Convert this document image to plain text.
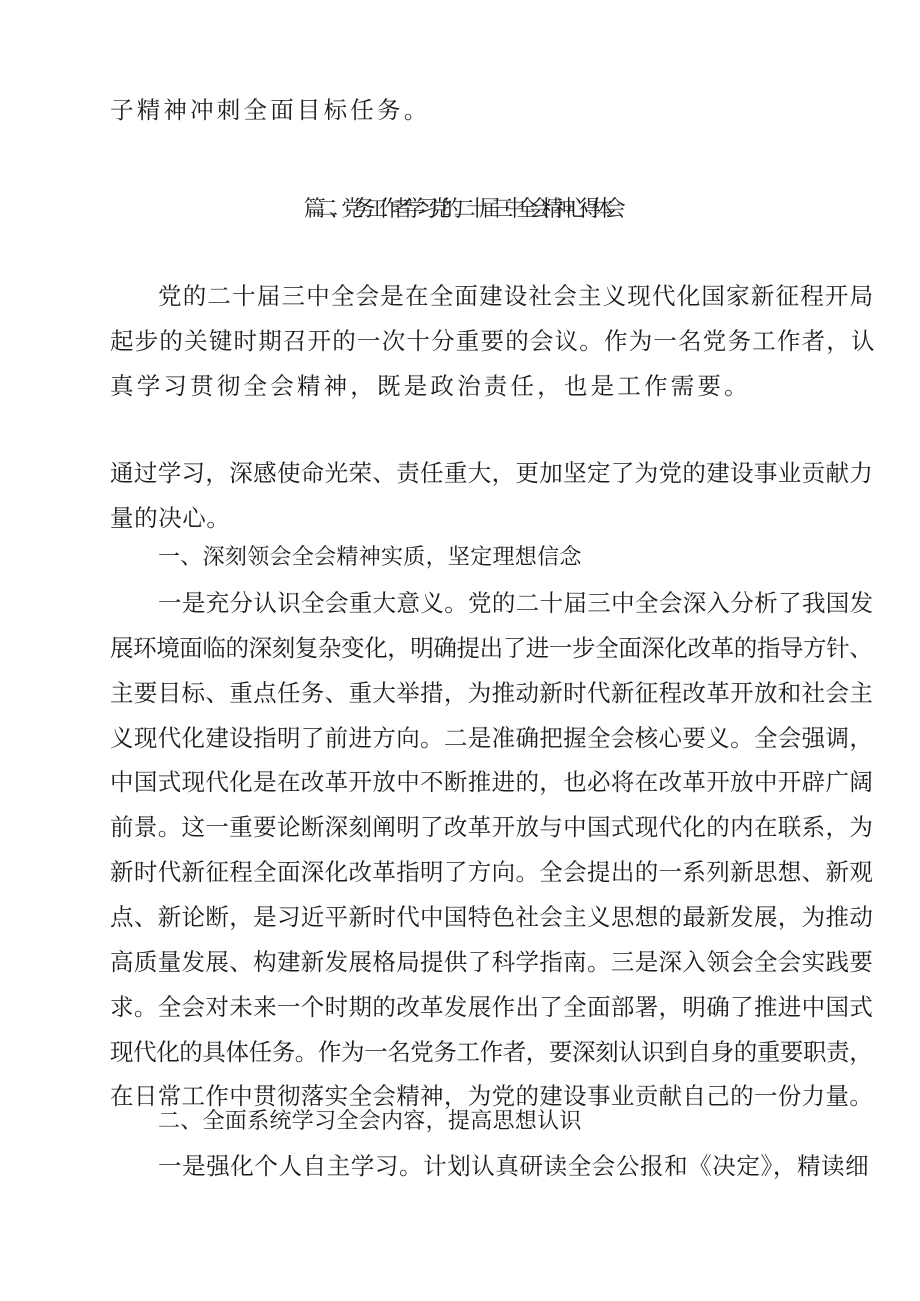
子精神冲刺全面目标任务。
篇二、党务工作者学习党的二十届三中全会精神心得体会
党的二十届三中全会是在全面建设社会主义现代化国家新征程开局
起步的关键时期召开的一次十分重要的会议。作为一名党务工作者，认
真学习贯彻全会精神，既是政治责任，也是工作需要。
通过学习，深感使命光荣、责任重大，更加坚定了为党的建设事业贡献力
量的决心。
一、深刻领会全会精神实质，坚定理想信念
一是充分认识全会重大意义。党的二十届三中全会深入分析了我国发
展环境面临的深刻复杂变化，明确提出了进一步全面深化改革的指导方针、
主要目标、重点任务、重大举措，为推动新时代新征程改革开放和社会主
义现代化建设指明了前进方向。二是准确把握全会核心要义。全会强调，
中国式现代化是在改革开放中不断推进的，也必将在改革开放中开辟广阔
前景。这一重要论断深刻阐明了改革开放与中国式现代化的内在联系，为
新时代新征程全面深化改革指明了方向。全会提出的一系列新思想、新观
点、新论断，是习近平新时代中国特色社会主义思想的最新发展，为推动
高质量发展、构建新发展格局提供了科学指南。三是深入领会全会实践要
求。全会对未来一个时期的改革发展作出了全面部署，明确了推进中国式
现代化的具体任务。作为一名党务工作者，要深刻认识到自身的重要职责，
在日常工作中贯彻落实全会精神，为党的建设事业贡献自己的一份力量。
二、全面系统学习全会内容，提高思想认识
一是强化个人自主学习。计划认真研读全会公报和《决定》，精读细
